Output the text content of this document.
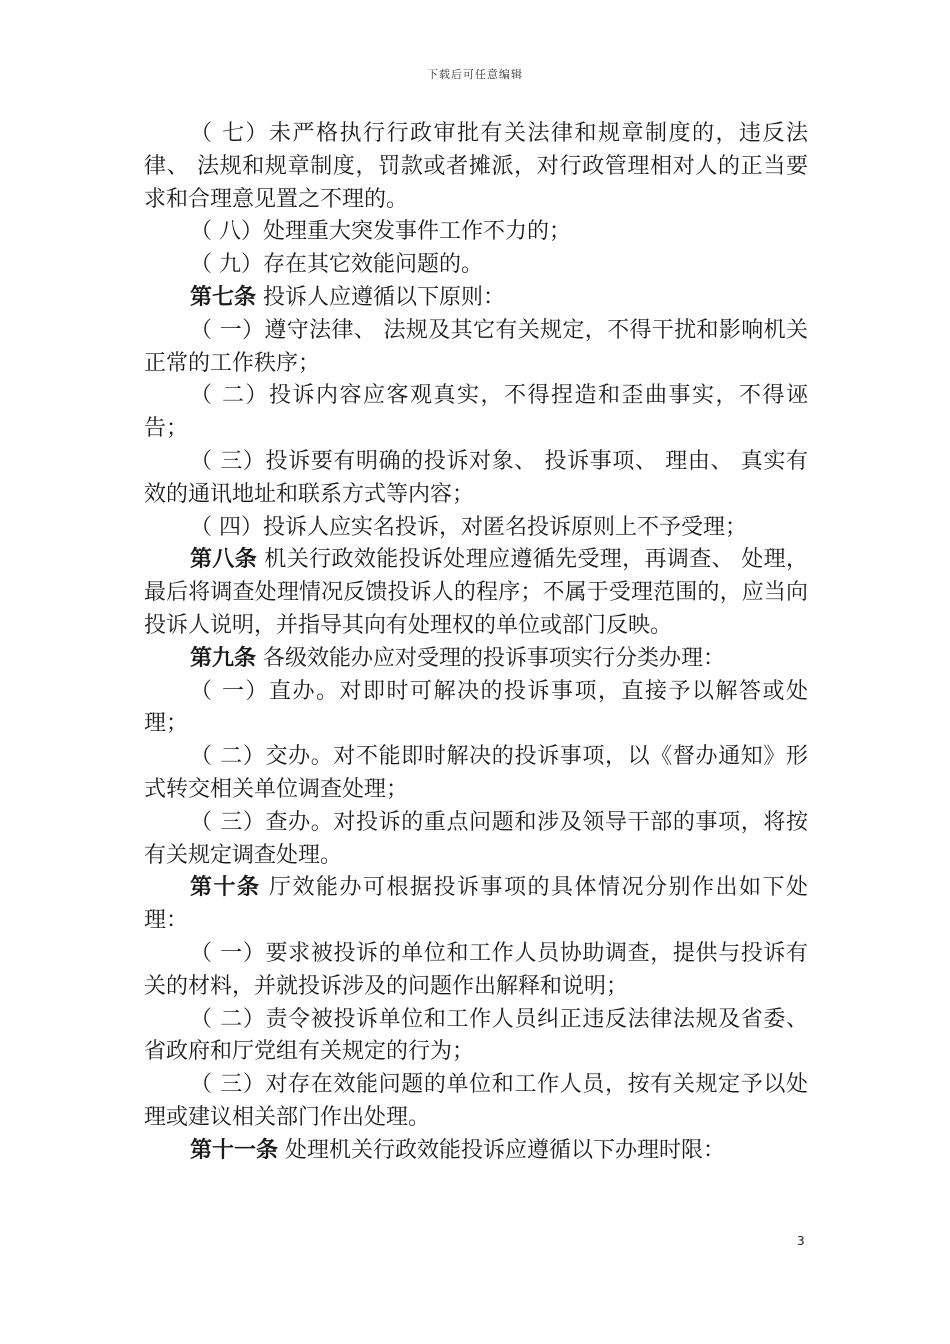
下载后可任意编辑

（ 七）未严格执行行政审批有关法律和规章制度的，违反法律、 法规和规章制度，罚款或者摊派，对行政管理相对人的正当要求和合理意见置之不理的。

（ 八）处理重大突发事件工作不力的；

（ 九）存在其它效能问题的。

第七条 投诉人应遵循以下原则：

（ 一）遵守法律、 法规及其它有关规定，不得干扰和影响机关正常的工作秩序；

（ 二）投诉内容应客观真实，不得捏造和歪曲事实，不得诬告；

（ 三）投诉要有明确的投诉对象、 投诉事项、 理由、 真实有效的通讯地址和联系方式等内容；

（ 四）投诉人应实名投诉，对匿名投诉原则上不予受理；

第八条 机关行政效能投诉处理应遵循先受理，再调查、 处理，最后将调查处理情况反馈投诉人的程序；不属于受理范围的，应当向投诉人说明，并指导其向有处理权的单位或部门反映。

第九条 各级效能办应对受理的投诉事项实行分类办理：

（ 一）直办。对即时可解决的投诉事项，直接予以解答或处理；

（ 二）交办。对不能即时解决的投诉事项，以《督办通知》形式转交相关单位调查处理；

（ 三）查办。对投诉的重点问题和涉及领导干部的事项，将按有关规定调查处理。

第十条 厅效能办可根据投诉事项的具体情况分别作出如下处理：

（ 一）要求被投诉的单位和工作人员协助调查，提供与投诉有关的材料，并就投诉涉及的问题作出解释和说明；

（ 二）责令被投诉单位和工作人员纠正违反法律法规及省委、 省政府和厅党组有关规定的行为；

（ 三）对存在效能问题的单位和工作人员，按有关规定予以处理或建议相关部门作出处理。

第十一条 处理机关行政效能投诉应遵循以下办理时限：

3
